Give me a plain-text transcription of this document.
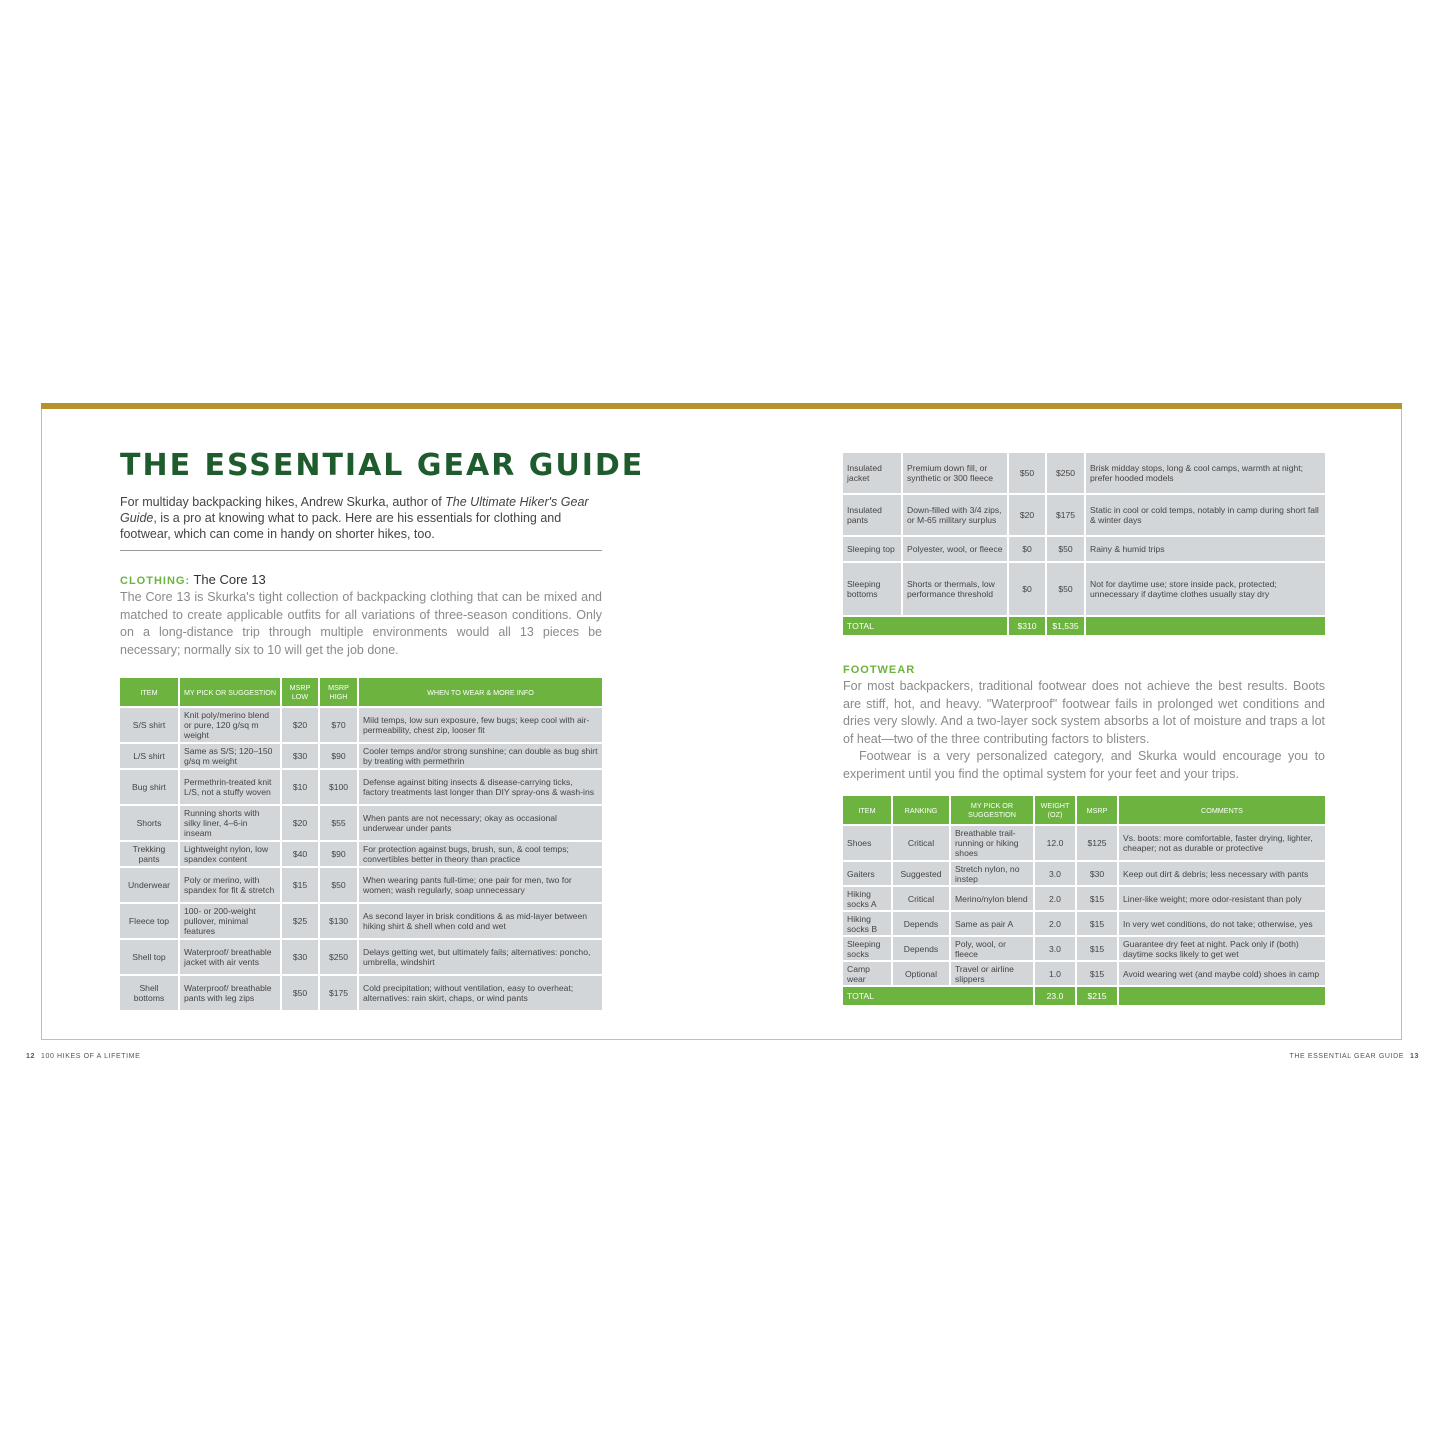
THE ESSENTIAL GEAR GUIDE
For multiday backpacking hikes, Andrew Skurka, author of The Ultimate Hiker's Gear Guide, is a pro at knowing what to pack. Here are his essentials for clothing and footwear, which can come in handy on shorter hikes, too.
CLOTHING: The Core 13

The Core 13 is Skurka's tight collection of backpacking clothing that can be mixed and matched to create applicable outfits for all variations of three-season conditions. Only on a long-distance trip through multiple environments would all 13 pieces be necessary; normally six to 10 will get the job done.

ITEM	MY PICK OR SUGGESTION	MSRP LOW	MSRP HIGH	WHEN TO WEAR & MORE INFO
S/S shirt	Knit poly/merino blend or pure, 120 g/sq m weight	$20	$70	Mild temps, low sun exposure, few bugs; keep cool with air-permeability, chest zip, looser fit
L/S shirt	Same as S/S; 120–150 g/sq m weight	$30	$90	Cooler temps and/or strong sunshine; can double as bug shirt by treating with permethrin
Bug shirt	Permethrin-treated knit L/S, not a stuffy woven	$10	$100	Defense against biting insects & disease-carrying ticks, factory treatments last longer than DIY spray-ons & wash-ins
Shorts	Running shorts with silky liner, 4–6-in inseam	$20	$55	When pants are not necessary; okay as occasional underwear under pants
Trekking pants	Lightweight nylon, low spandex content	$40	$90	For protection against bugs, brush, sun, & cool temps; convertibles better in theory than practice
Underwear	Poly or merino, with spandex for fit & stretch	$15	$50	When wearing pants full-time; one pair for men, two for women; wash regularly, soap unnecessary
Fleece top	100- or 200-weight pullover, minimal features	$25	$130	As second layer in brisk conditions & as mid-layer between hiking shirt & shell when cold and wet
Shell top	Waterproof/ breathable jacket with air vents	$30	$250	Delays getting wet, but ultimately fails; alternatives: poncho, umbrella, windshirt
Shell bottoms	Waterproof/ breathable pants with leg zips	$50	$175	Cold precipitation; without ventilation, easy to overheat; alternatives: rain skirt, chaps, or wind pants
Insulated jacket	Premium down fill, or synthetic or 300 fleece	$50	$250	Brisk midday stops, long & cool camps, warmth at night; prefer hooded models
Insulated pants	Down-filled with 3/4 zips, or M-65 military surplus	$20	$175	Static in cool or cold temps, notably in camp during short fall & winter days
Sleeping top	Polyester, wool, or fleece	$0	$50	Rainy & humid trips
Sleeping bottoms	Shorts or thermals, low performance threshold	$0	$50	Not for daytime use; store inside pack, protected; unnecessary if daytime clothes usually stay dry
TOTAL		$310	$1,535	
FOOTWEAR

For most backpackers, traditional footwear does not achieve the best results. Boots are stiff, hot, and heavy. "Waterproof" footwear fails in prolonged wet conditions and dries very slowly. And a two-layer sock system absorbs a lot of moisture and traps a lot of heat—two of the three contributing factors to blisters.

Footwear is a very personalized category, and Skurka would encourage you to experiment until you find the optimal system for your feet and your trips.

ITEM	RANKING	MY PICK OR SUGGESTION	WEIGHT (OZ)	MSRP	COMMENTS
Shoes	Critical	Breathable trail-running or hiking shoes	12.0	$125	Vs. boots: more comfortable, faster drying, lighter, cheaper; not as durable or protective
Gaiters	Suggested	Stretch nylon, no instep	3.0	$30	Keep out dirt & debris; less necessary with pants
Hiking socks A	Critical	Merino/nylon blend	2.0	$15	Liner-like weight; more odor-resistant than poly
Hiking socks B	Depends	Same as pair A	2.0	$15	In very wet conditions, do not take; otherwise, yes
Sleeping socks	Depends	Poly, wool, or fleece	3.0	$15	Guarantee dry feet at night. Pack only if (both) daytime socks likely to get wet
Camp wear	Optional	Travel or airline slippers	1.0	$15	Avoid wearing wet (and maybe cold) shoes in camp
TOTAL			23.0	$215	
12 100 HIKES OF A LIFETIME	THE ESSENTIAL GEAR GUIDE 13
